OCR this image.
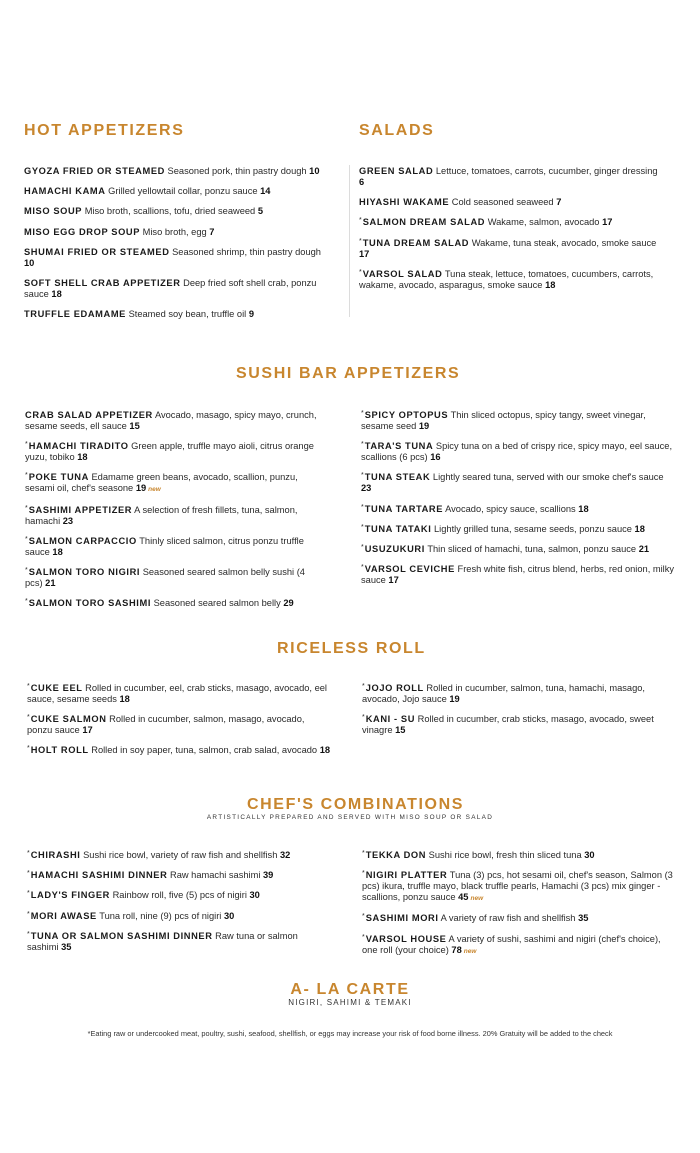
HOT APPETIZERS
GYOZA FRIED OR STEAMED Seasoned pork, thin pastry dough 10
HAMACHI KAMA Grilled yellowtail collar, ponzu sauce 14
MISO SOUP Miso broth, scallions, tofu, dried seaweed 5
MISO EGG DROP SOUP Miso broth, egg 7
SHUMAI FRIED OR STEAMED Seasoned shrimp, thin pastry dough 10
SOFT SHELL CRAB APPETIZER Deep fried soft shell crab, ponzu sauce 18
TRUFFLE EDAMAME Steamed soy bean, truffle oil 9
SALADS
GREEN SALAD Lettuce, tomatoes, carrots, cucumber, ginger dressing 6
HIYASHI WAKAME Cold seasoned seaweed 7
*SALMON DREAM SALAD Wakame, salmon, avocado 17
*TUNA DREAM SALAD Wakame, tuna steak, avocado, smoke sauce 17
*VARSOL SALAD Tuna steak, lettuce, tomatoes, cucumbers, carrots, wakame, avocado, asparagus, smoke sauce 18
SUSHI BAR APPETIZERS
CRAB SALAD APPETIZER Avocado, masago, spicy mayo, crunch, sesame seeds, ell sauce 15
*HAMACHI TIRADITO Green apple, truffle mayo aioli, citrus orange yuzu, tobiko 18
*POKE TUNA Edamame green beans, avocado, scallion, punzu, sesami oil, chef's seasone 19 new
*SASHIMI APPETIZER A selection of fresh fillets, tuna, salmon, hamachi 23
*SALMON CARPACCIO Thinly sliced salmon, citrus ponzu truffle sauce 18
*SALMON TORO NIGIRI Seasoned seared salmon belly sushi (4 pcs) 21
*SALMON TORO SASHIMI Seasoned seared salmon belly 29
*SPICY OPTOPUS Thin sliced octopus, spicy tangy, sweet vinegar, sesame seed 19
*TARA'S TUNA Spicy tuna on a bed of crispy rice, spicy mayo, eel sauce, scallions (6 pcs) 16
*TUNA STEAK Lightly seared tuna, served with our smoke chef's sauce 23
*TUNA TARTARE Avocado, spicy sauce, scallions 18
*TUNA TATAKI Lightly grilled tuna, sesame seeds, ponzu sauce 18
*USUZUKURI Thin sliced of hamachi, tuna, salmon, ponzu sauce 21
*VARSOL CEVICHE Fresh white fish, citrus blend, herbs, red onion, milky sauce 17
RICELESS ROLL
*CUKE EEL Rolled in cucumber, eel, crab sticks, masago, avocado, eel sauce, sesame seeds 18
*CUKE SALMON Rolled in cucumber, salmon, masago, avocado, ponzu sauce 17
*HOLT ROLL Rolled in soy paper, tuna, salmon, crab salad, avocado 18
*JOJO ROLL Rolled in cucumber, salmon, tuna, hamachi, masago, avocado, Jojo sauce 19
*KANI - SU Rolled in cucumber, crab sticks, masago, avocado, sweet vinagre 15
CHEF'S COMBINATIONS
ARTISTICALLY PREPARED AND SERVED WITH MISO SOUP OR SALAD
*CHIRASHI Sushi rice bowl, variety of raw fish and shellfish 32
*HAMACHI SASHIMI DINNER Raw hamachi sashimi 39
*LADY'S FINGER Rainbow roll, five (5) pcs of nigiri 30
*MORI AWASE Tuna roll, nine (9) pcs of nigiri 30
*TUNA OR SALMON SASHIMI DINNER Raw tuna or salmon sashimi 35
*TEKKA DON Sushi rice bowl, fresh thin sliced tuna 30
*NIGIRI PLATTER Tuna (3) pcs, hot sesami oil, chef's season, Salmon (3 pcs) ikura, truffle mayo, black truffle pearls, Hamachi (3 pcs) mix ginger - scallions, ponzu sauce 45 new
*SASHIMI MORI A variety of raw fish and shellfish 35
*VARSOL HOUSE A variety of sushi, sashimi and nigiri (chef's choice), one roll (your choice) 78 new
A- LA CARTE
NIGIRI, SAHIMI & TEMAKI
*Eating raw or undercooked meat, poultry, sushi, seafood, shellfish, or eggs may increase your risk of food borne illness. 20% Gratuity will be added to the check
